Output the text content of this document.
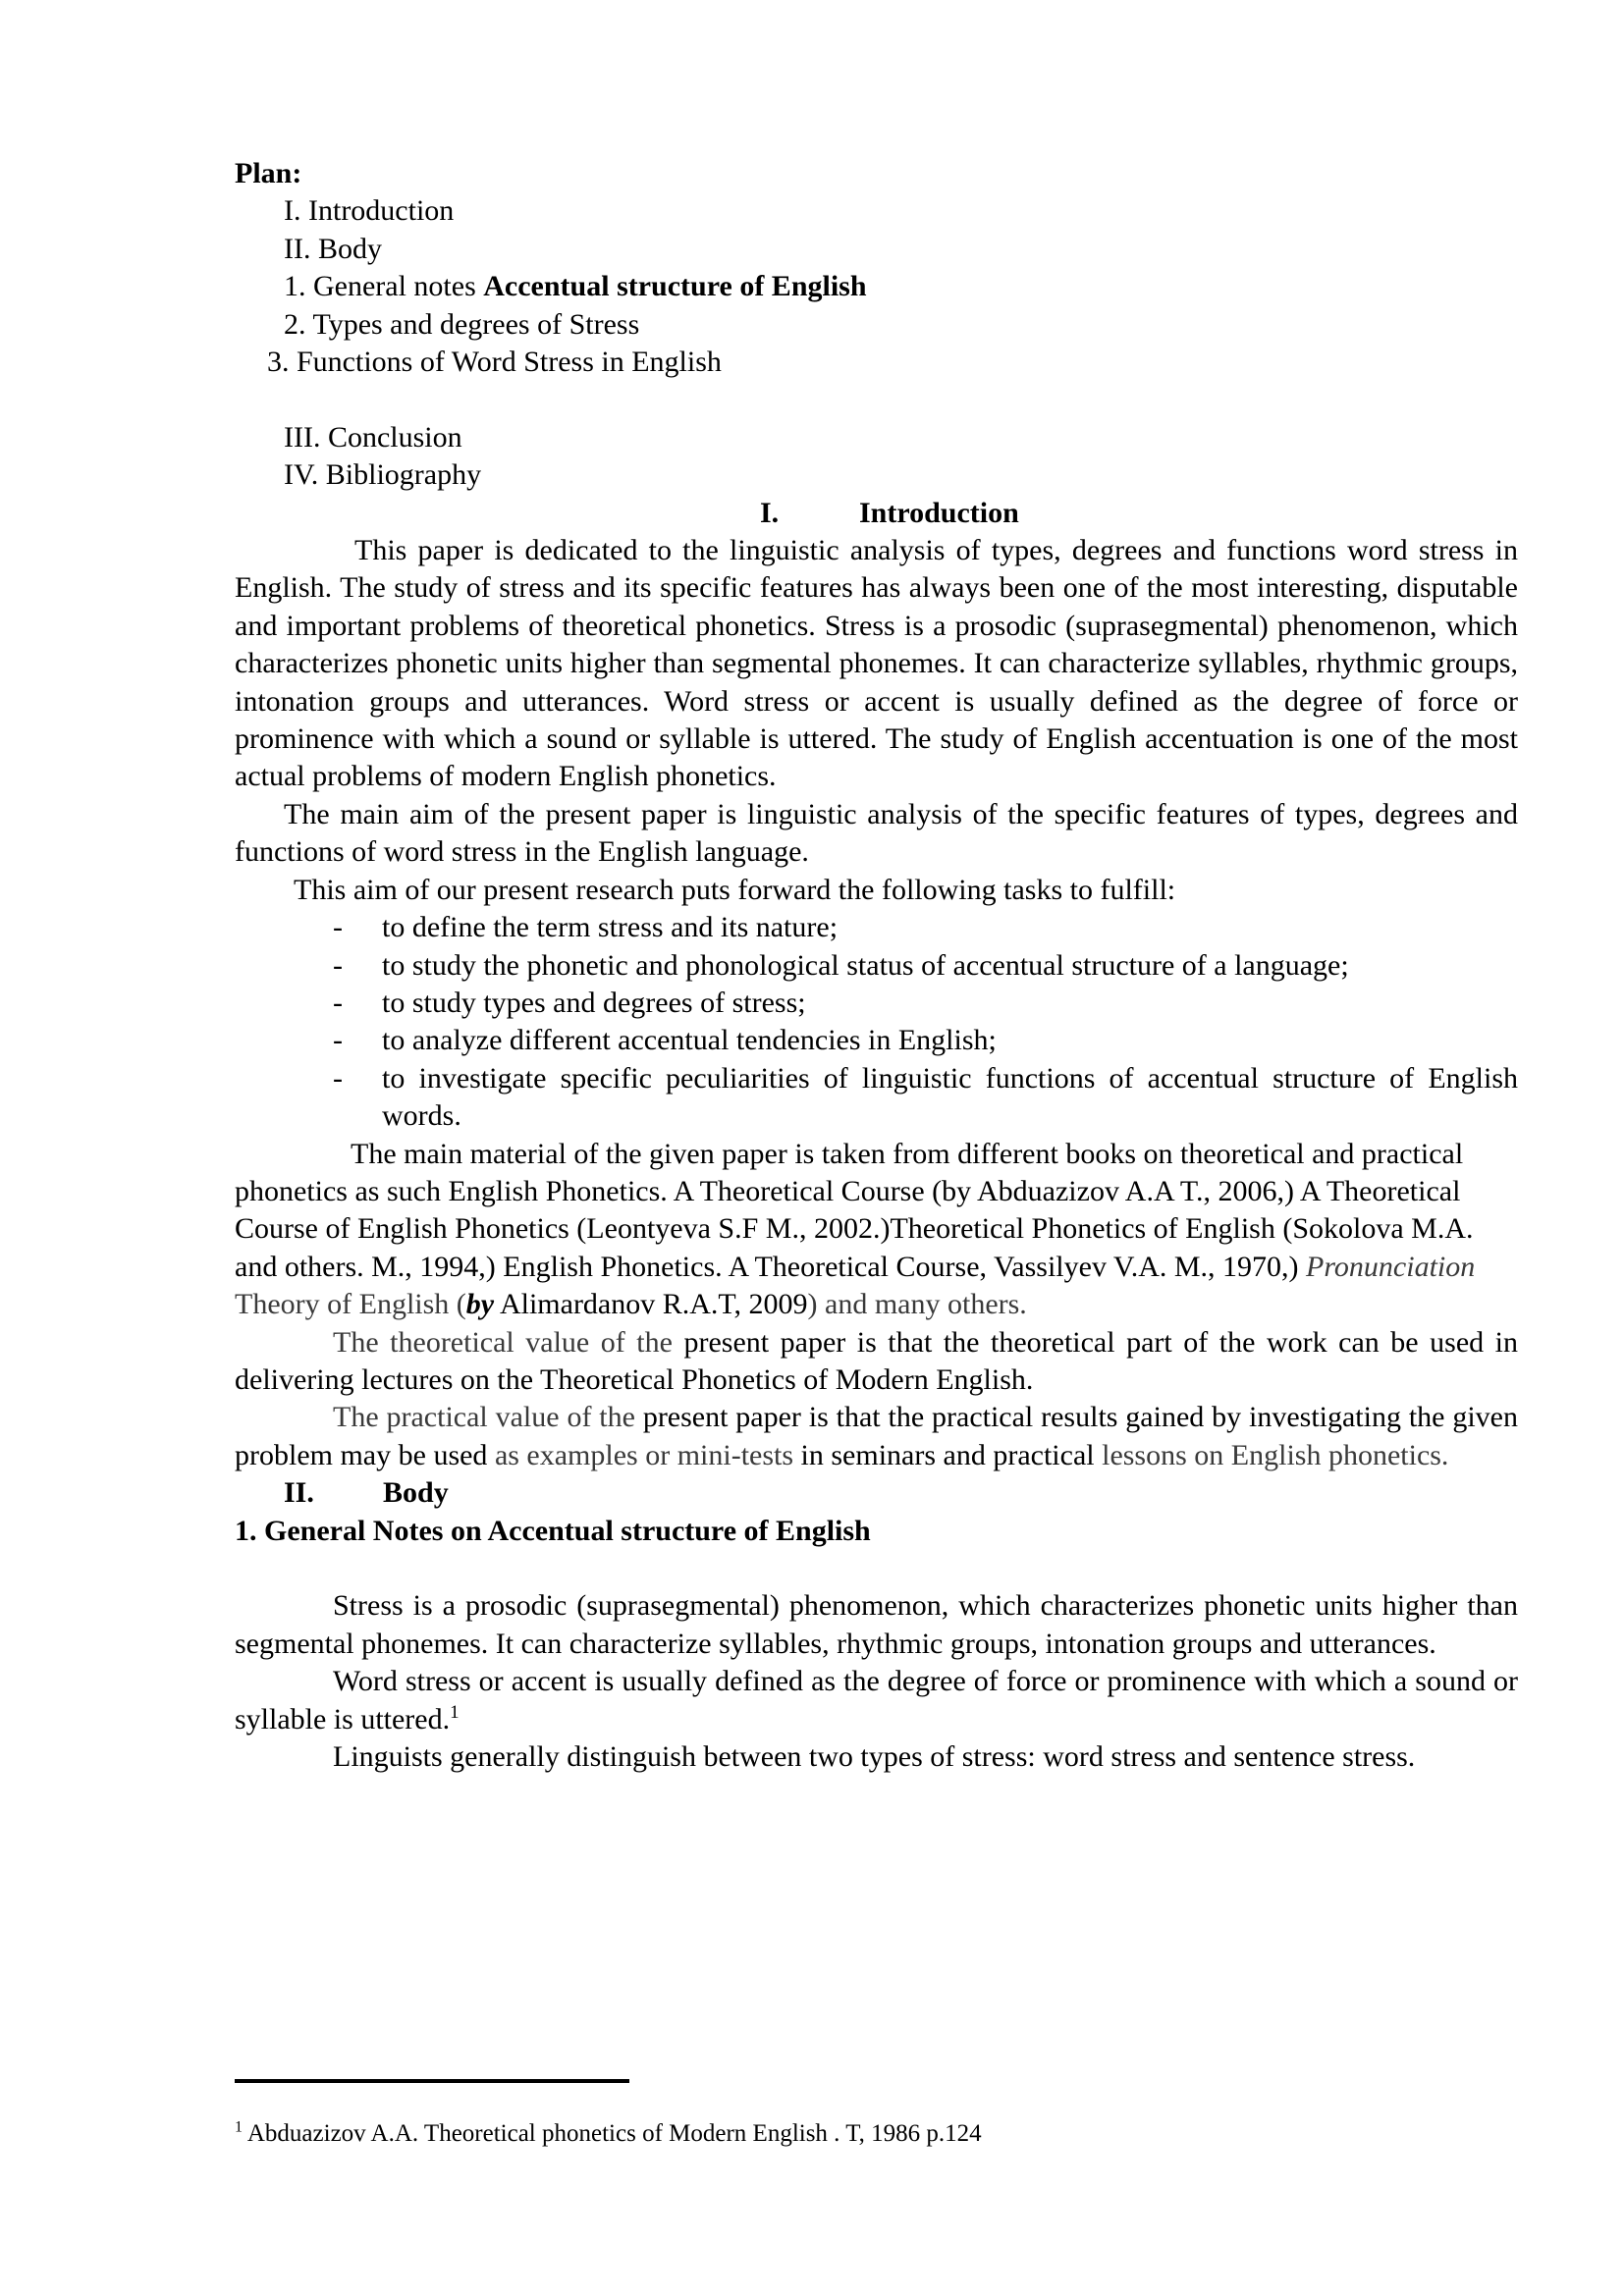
Plan:

I. Introduction

II. Body

1. General notes Accentual structure of English

2. Types and degrees of Stress

3. Functions of Word Stress in English

III. Conclusion

IV. Bibliography

I.	Introduction

This paper is dedicated to the linguistic analysis of types, degrees and functions word stress in English. The study of stress and its specific features has always been one of the most interesting, disputable and important problems of theoretical phonetics. Stress is a prosodic (suprasegmental) phenomenon, which characterizes phonetic units higher than segmental phonemes. It can characterize syllables, rhythmic groups, intonation groups and utterances. Word stress or accent is usually defined as the degree of force or prominence with which a sound or syllable is uttered. The study of English accentuation is one of the most actual problems of modern English phonetics.

The main aim of the present paper is linguistic analysis of the specific features of types, degrees and functions of word stress in the English language.

This aim of our present research puts forward the following tasks to fulfill:

- to define the term stress and its nature;
- to study the phonetic and phonological status of accentual structure of a language;
- to study types and degrees of stress;
- to analyze different accentual tendencies in English;
- to investigate specific peculiarities of linguistic functions of accentual structure of English words.

The main material of the given paper is taken from different books on theoretical and practical phonetics as such English Phonetics. A Theoretical Course (by Abduazizov A.A T., 2006,) A Theoretical Course of English Phonetics (Leontyeva S.F M., 2002.)Theoretical Phonetics of English (Sokolova M.A. and others. M., 1994,) English Phonetics. A Theoretical Course, Vassilyev V.A. M., 1970,) Pronunciation Theory of English (by Alimardanov R.A.T, 2009) and many others.

The theoretical value of the present paper is that the theoretical part of the work can be used in delivering lectures on the Theoretical Phonetics of Modern English.

The practical value of the present paper is that the practical results gained by investigating the given problem may be used as examples or mini-tests in seminars and practical lessons on English phonetics.

II. Body

1. General Notes on Accentual structure of English

Stress is a prosodic (suprasegmental) phenomenon, which characterizes phonetic units higher than segmental phonemes. It can characterize syllables, rhythmic groups, intonation groups and utterances.

Word stress or accent is usually defined as the degree of force or prominence with which a sound or syllable is uttered.$^1$

Linguists generally distinguish between two types of stress: word stress and sentence stress.

$^1$ Abduazizov A.A. Theoretical phonetics of Modern English . T, 1986 p.124
